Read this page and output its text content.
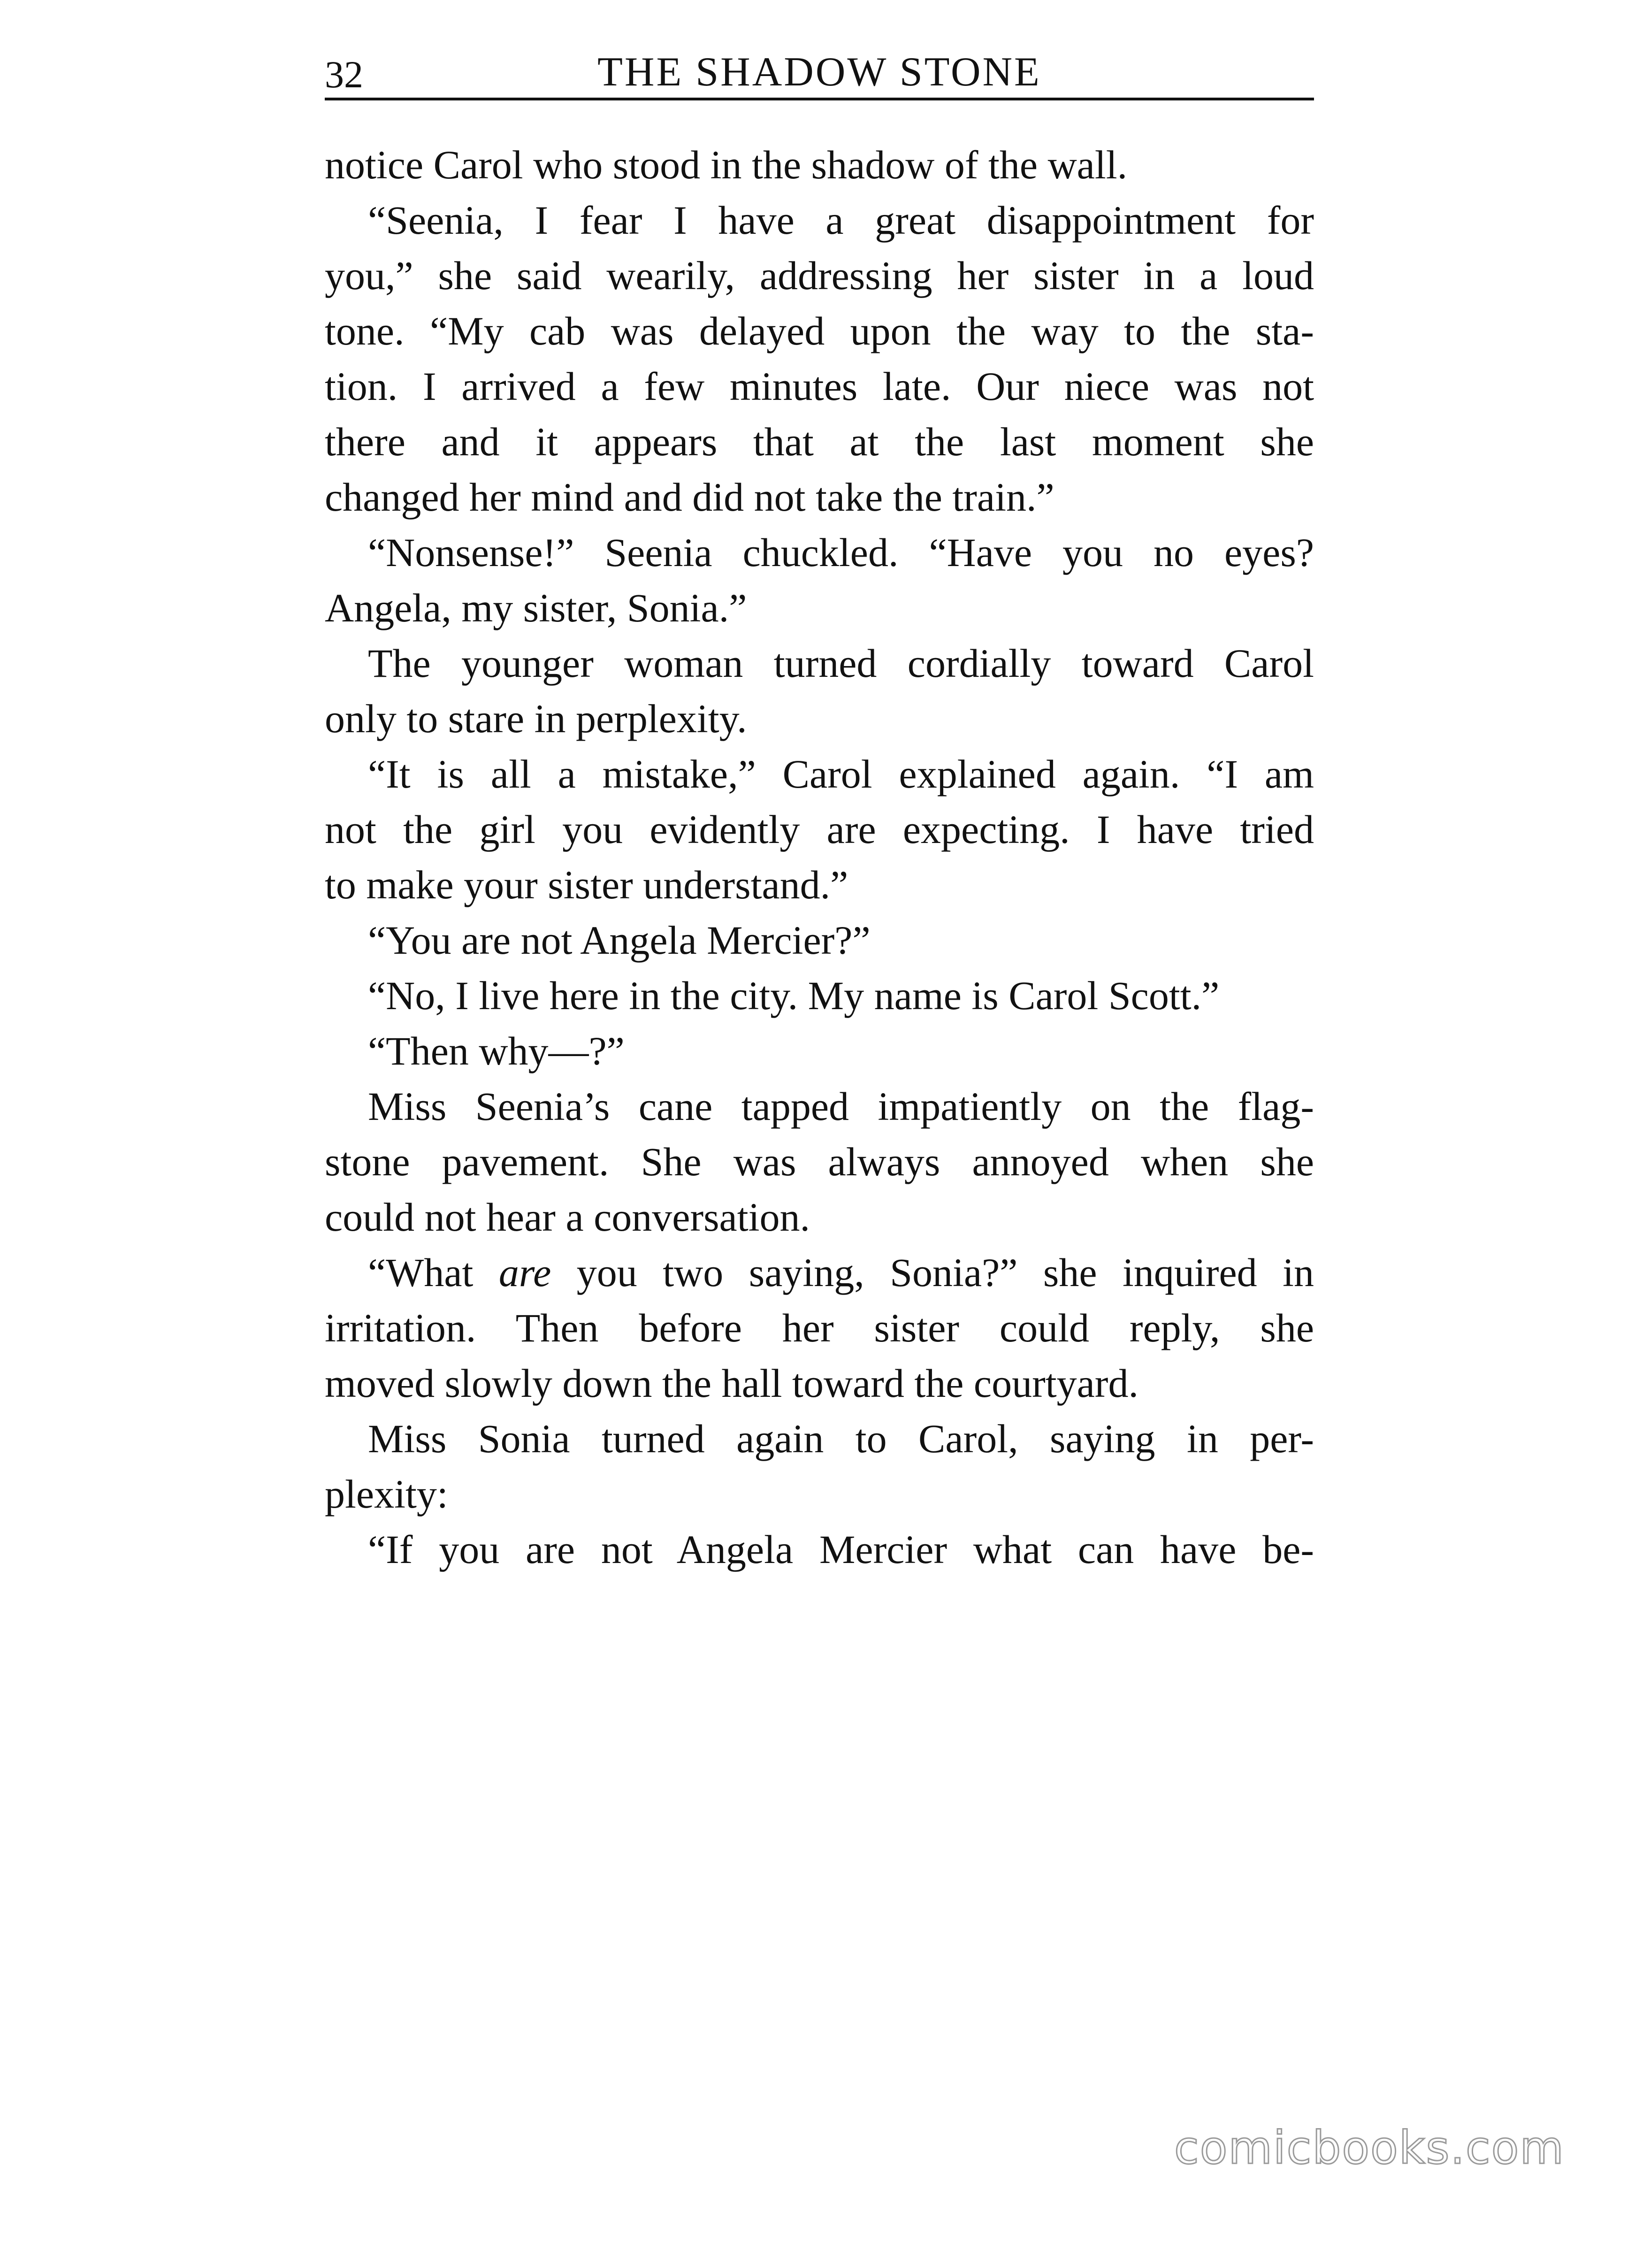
32	THE SHADOW STONE
notice Carol who stood in the shadow of the wall.
“Seenia, I fear I have a great disappointment for
you,” she said wearily, addressing her sister in a loud
tone. “My cab was delayed upon the way to the sta-
tion. I arrived a few minutes late. Our niece was not
there and it appears that at the last moment she
changed her mind and did not take the train.”
“Nonsense!” Seenia chuckled. “Have you no eyes?
Angela, my sister, Sonia.”
The younger woman turned cordially toward Carol
only to stare in perplexity.
“It is all a mistake,” Carol explained again. “I am
not the girl you evidently are expecting. I have tried
to make your sister understand.”
“You are not Angela Mercier?”
“No, I live here in the city. My name is Carol Scott.”
“Then why—?”
Miss Seenia’s cane tapped impatiently on the flag-
stone pavement. She was always annoyed when she
could not hear a conversation.
“What are you two saying, Sonia?” she inquired in
irritation. Then before her sister could reply, she
moved slowly down the hall toward the courtyard.
Miss Sonia turned again to Carol, saying in per-
plexity:
“If you are not Angela Mercier what can have be-
comicbooks.com
